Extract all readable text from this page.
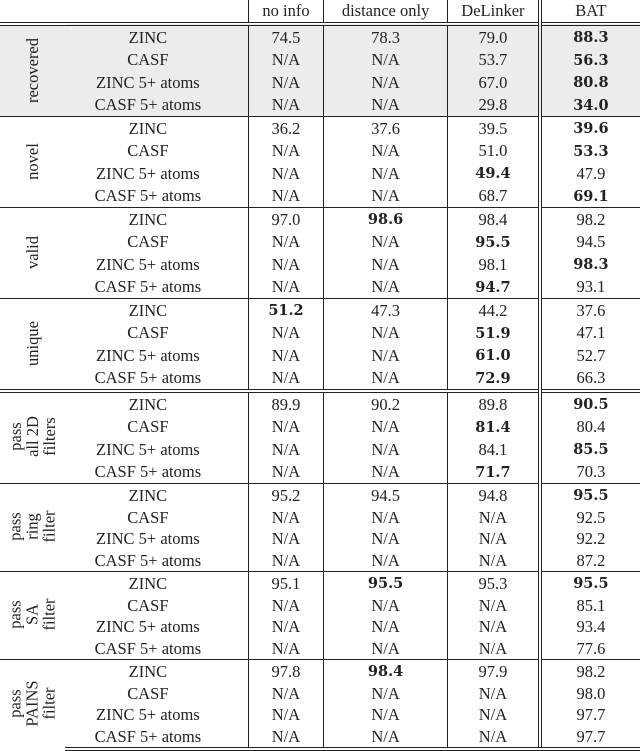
		no info	distance only	DeLinker	BAT

recovered	ZINC	74.5	78.3	79.0	88.3
	CASF	N/A	N/A	53.7	56.3
	ZINC 5+ atoms	N/A	N/A	67.0	80.8
	CASF 5+ atoms	N/A	N/A	29.8	34.0

novel	ZINC	36.2	37.6	39.5	39.6
	CASF	N/A	N/A	51.0	53.3
	ZINC 5+ atoms	N/A	N/A	49.4	47.9
	CASF 5+ atoms	N/A	N/A	68.7	69.1

valid	ZINC	97.0	98.6	98.4	98.2
	CASF	N/A	N/A	95.5	94.5
	ZINC 5+ atoms	N/A	N/A	98.1	98.3
	CASF 5+ atoms	N/A	N/A	94.7	93.1

unique	ZINC	51.2	47.3	44.2	37.6
	CASF	N/A	N/A	51.9	47.1
	ZINC 5+ atoms	N/A	N/A	61.0	52.7
	CASF 5+ atoms	N/A	N/A	72.9	66.3

pass
all 2D
filters	ZINC	89.9	90.2	89.8	90.5
	CASF	N/A	N/A	81.4	80.4
	ZINC 5+ atoms	N/A	N/A	84.1	85.5
	CASF 5+ atoms	N/A	N/A	71.7	70.3

pass
ring
filter	ZINC	95.2	94.5	94.8	95.5
	CASF	N/A	N/A	N/A	92.5
	ZINC 5+ atoms	N/A	N/A	N/A	92.2
	CASF 5+ atoms	N/A	N/A	N/A	87.2

pass
SA
filter	ZINC	95.1	95.5	95.3	95.5
	CASF	N/A	N/A	N/A	85.1
	ZINC 5+ atoms	N/A	N/A	N/A	93.4
	CASF 5+ atoms	N/A	N/A	N/A	77.6

pass
PAINS
filter	ZINC	97.8	98.4	97.9	98.2
	CASF	N/A	N/A	N/A	98.0
	ZINC 5+ atoms	N/A	N/A	N/A	97.7
	CASF 5+ atoms	N/A	N/A	N/A	97.7
